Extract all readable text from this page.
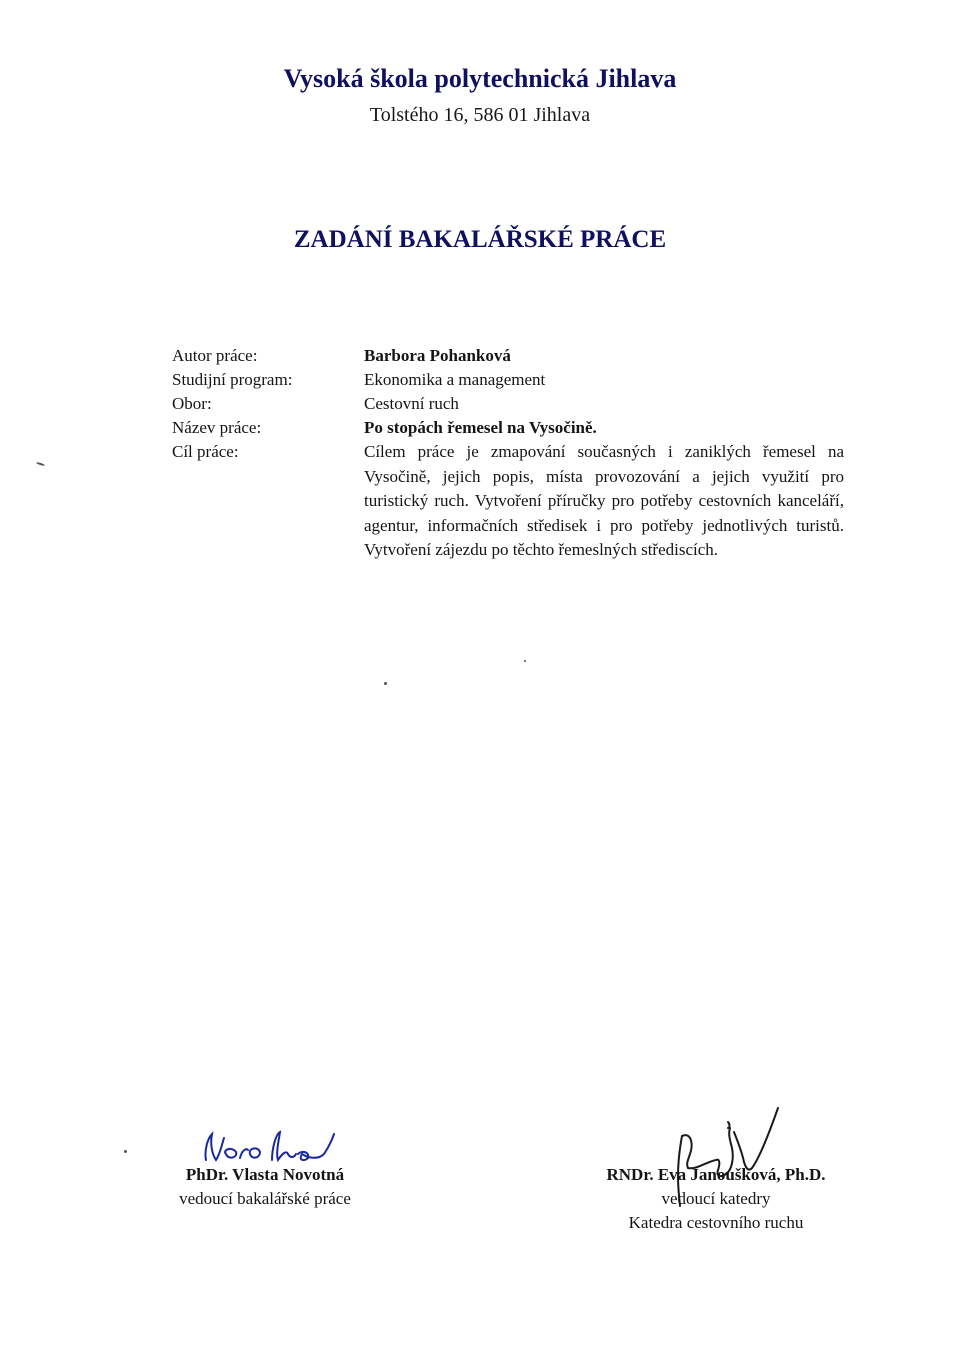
Vysoká škola polytechnická Jihlava
Tolstého 16, 586 01 Jihlava
ZADÁNÍ BAKALÁŘSKÉ PRÁCE
Autor práce:	Barbora Pohanková
Studijní program:	Ekonomika a management
Obor:	Cestovní ruch
Název práce:	Po stopách řemesel na Vysočině.
Cíl práce:	Cílem práce je zmapování současných i zaniklých řemesel na Vysočině, jejich popis, místa provozování a jejich využití pro turistický ruch. Vytvoření příručky pro potřeby cestovních kanceláří, agentur, informačních středisek i pro potřeby jednotlivých turistů. Vytvoření zájezdu po těchto řemeslných střediscích.
PhDr. Vlasta Novotná
vedoucí bakalářské práce
RNDr. Eva Janoušková, Ph.D.
vedoucí katedry
Katedra cestovního ruchu
